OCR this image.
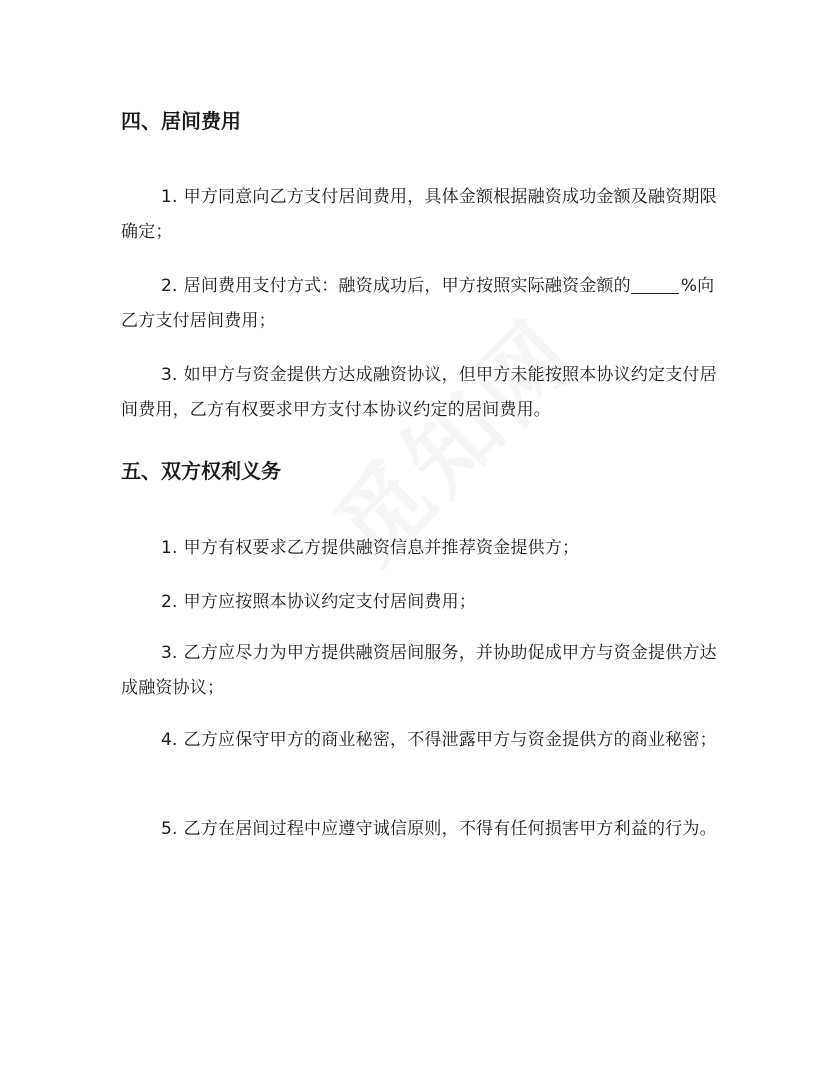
四、居间费用

1. 甲方同意向乙方支付居间费用，具体金额根据融资成功金额及融资期限确定；

2. 居间费用支付方式：融资成功后，甲方按照实际融资金额的	%向乙方支付居间费用；

3. 如甲方与资金提供方达成融资协议，但甲方未能按照本协议约定支付居间费用，乙方有权要求甲方支付本协议约定的居间费用。

五、双方权利义务

1. 甲方有权要求乙方提供融资信息并推荐资金提供方；

2. 甲方应按照本协议约定支付居间费用；

3. 乙方应尽力为甲方提供融资居间服务，并协助促成甲方与资金提供方达成融资协议；

4. 乙方应保守甲方的商业秘密，不得泄露甲方与资金提供方的商业秘密；

5. 乙方在居间过程中应遵守诚信原则，不得有任何损害甲方利益的行为。
